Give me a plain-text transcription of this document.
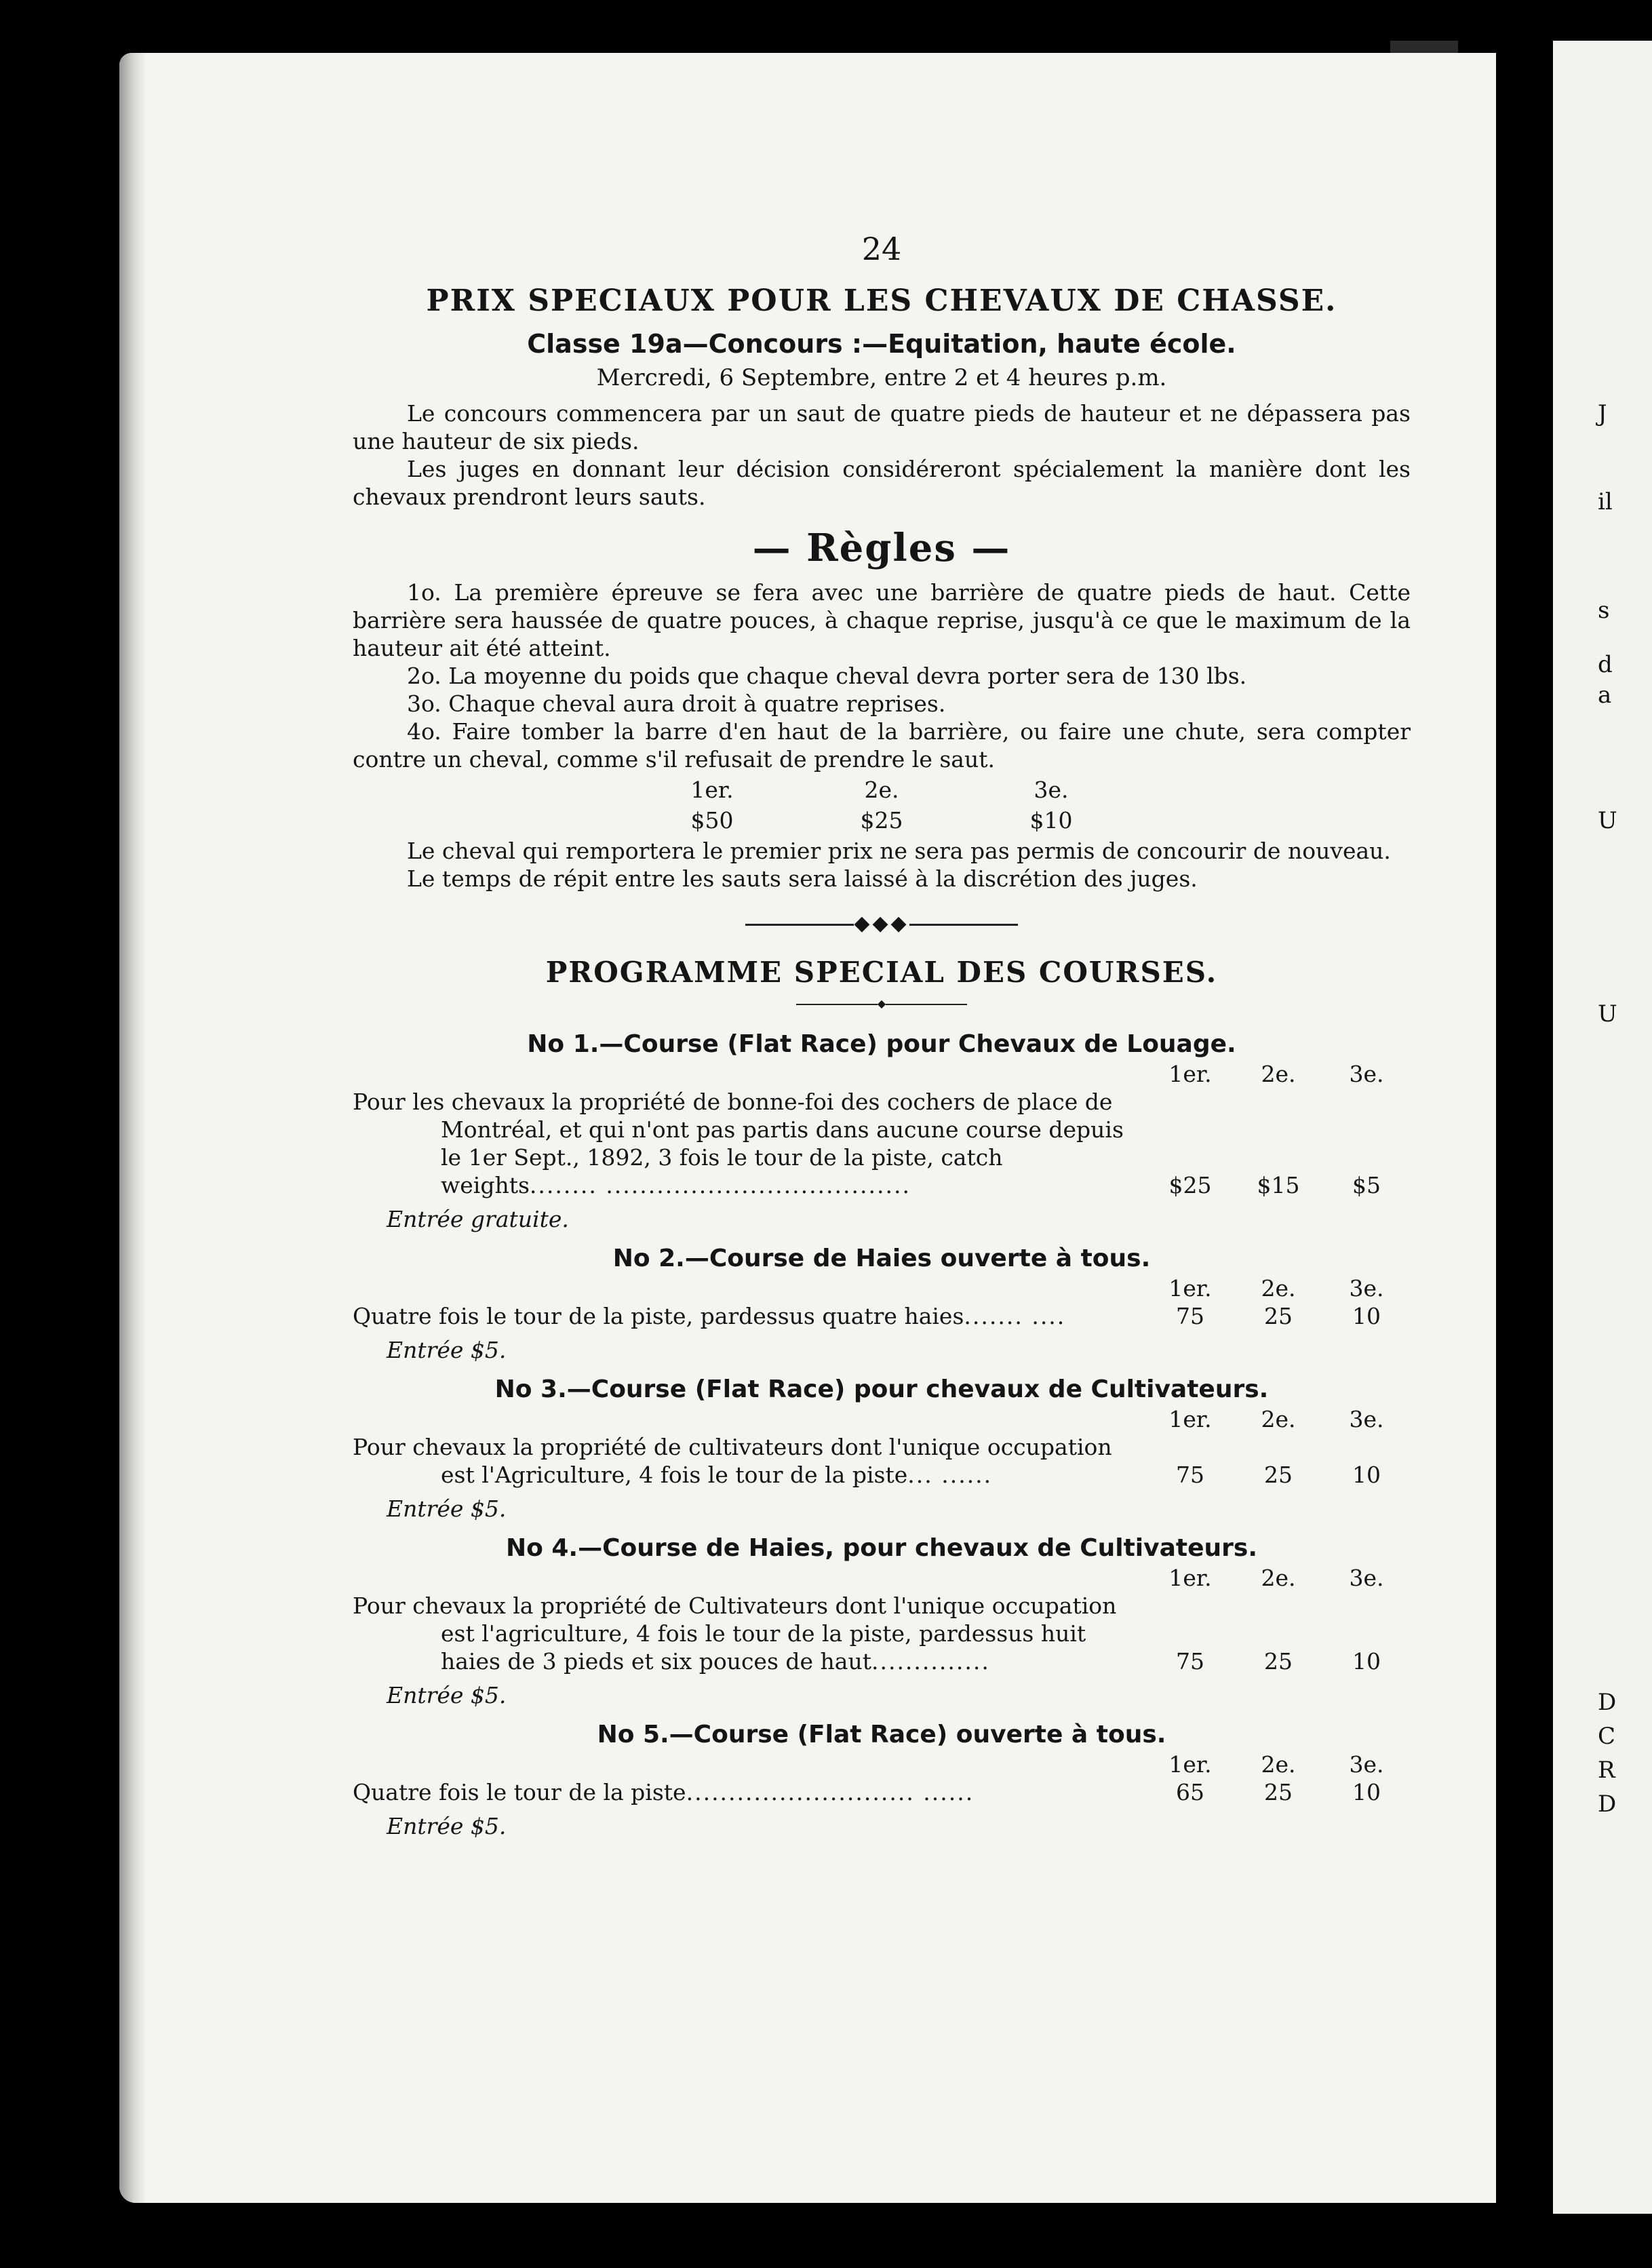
J
il
s
d
a
U
U
D
C
R
D
24
PRIX SPECIAUX POUR LES CHEVAUX DE CHASSE.
Classe 19a—Concours :—Equitation, haute école.
Mercredi, 6 Septembre, entre 2 et 4 heures p.m.

Le concours commencera par un saut de quatre pieds de hauteur et ne dépassera pas une hauteur de six pieds.

Les juges en donnant leur décision considéreront spécialement la manière dont les chevaux prendront leurs sauts.

— Règles —

1o. La première épreuve se fera avec une barrière de quatre pieds de haut. Cette barrière sera haussée de quatre pouces, à chaque reprise, jusqu'à ce que le maximum de la hauteur ait été atteint.

2o. La moyenne du poids que chaque cheval devra porter sera de 130 lbs.

3o. Chaque cheval aura droit à quatre reprises.

4o. Faire tomber la barre d'en haut de la barrière, ou faire une chute, sera compter contre un cheval, comme s'il refusait de prendre le saut.

1er.	2e.	3e.
$50	$25	$10

Le cheval qui remportera le premier prix ne sera pas permis de concourir de nouveau.

Le temps de répit entre les sauts sera laissé à la discrétion des juges.

◆◆◆
PROGRAMME SPECIAL DES COURSES.
◆
No 1.—Course (Flat Race) pour Chevaux de Louage.
1er.	2e.	3e.
Pour les chevaux la propriété de bonne-foi des cochers de place de Montréal, et qui n'ont pas partis dans aucune course depuis le 1er Sept., 1892, 3 fois le tour de la piste, catch weights........ ....................................	$25	$15	$5
Entrée gratuite.
No 2.—Course de Haies ouverte à tous.
1er.	2e.	3e.
Quatre fois le tour de la piste, pardessus quatre haies....... ....	75	25	10
Entrée $5.
No 3.—Course (Flat Race) pour chevaux de Cultivateurs.
1er.	2e.	3e.
Pour chevaux la propriété de cultivateurs dont l'unique occupation est l'Agriculture, 4 fois le tour de la piste... ......	75	25	10
Entrée $5.
No 4.—Course de Haies, pour chevaux de Cultivateurs.
1er.	2e.	3e.
Pour chevaux la propriété de Cultivateurs dont l'unique occupation est l'agriculture, 4 fois le tour de la piste, pardessus huit haies de 3 pieds et six pouces de haut..............	75	25	10
Entrée $5.
No 5.—Course (Flat Race) ouverte à tous.
1er.	2e.	3e.
Quatre fois le tour de la piste........................... ......	65	25	10
Entrée $5.
